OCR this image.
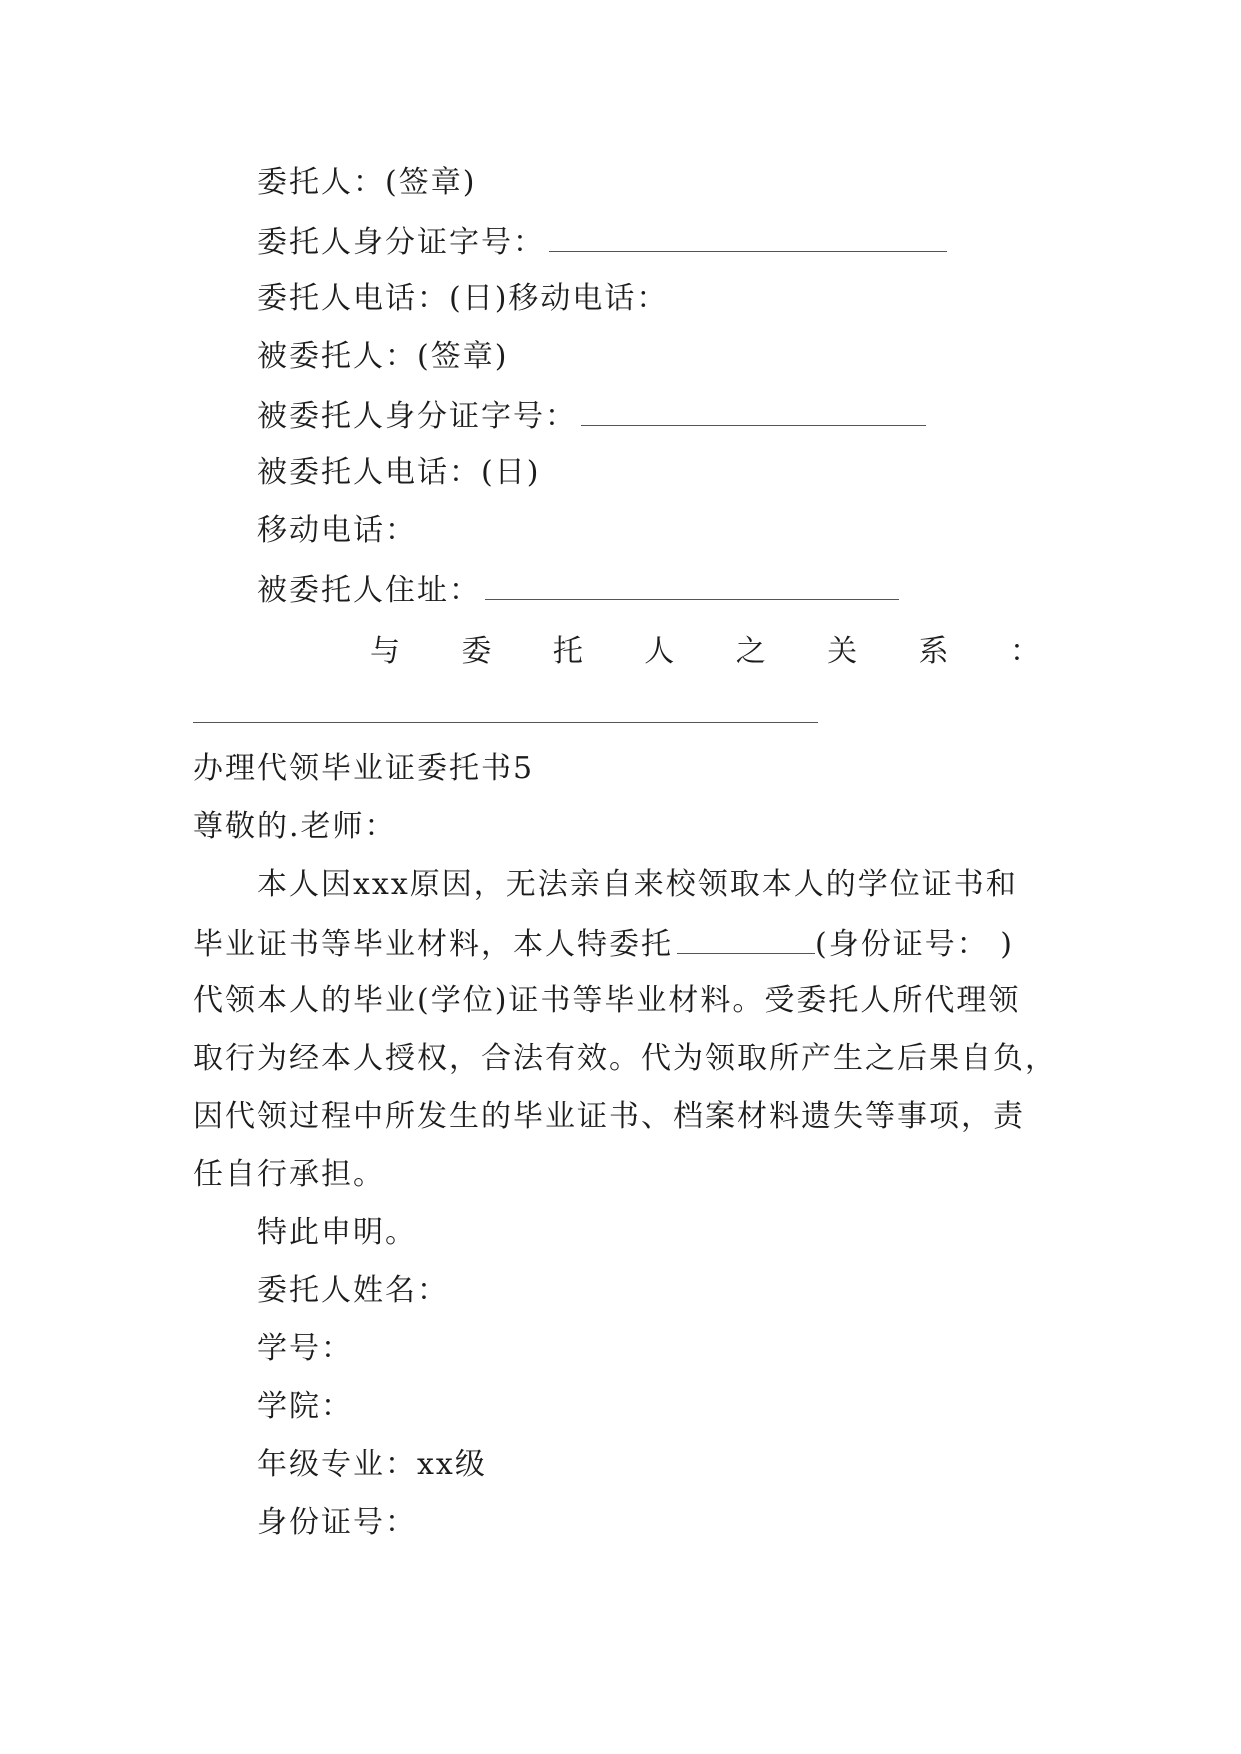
委托人：(签章)
委托人身分证字号：
委托人电话：(日)移动电话：
被委托人：(签章)
被委托人身分证字号：
被委托人电话：(日)
移动电话：
被委托人住址：
与 委 托 人 之 关 系 ：
办理代领毕业证委托书5
尊敬的.老师：
本人因xxx原因，无法亲自来校领取本人的学位证书和
毕业证书等毕业材料，本人特委托	(身份证号： )
代领本人的毕业(学位)证书等毕业材料。受委托人所代理领
取行为经本人授权，合法有效。代为领取所产生之后果自负，
因代领过程中所发生的毕业证书、档案材料遗失等事项，责
任自行承担。
特此申明。
委托人姓名：
学号：
学院：
年级专业：xx级
身份证号：
